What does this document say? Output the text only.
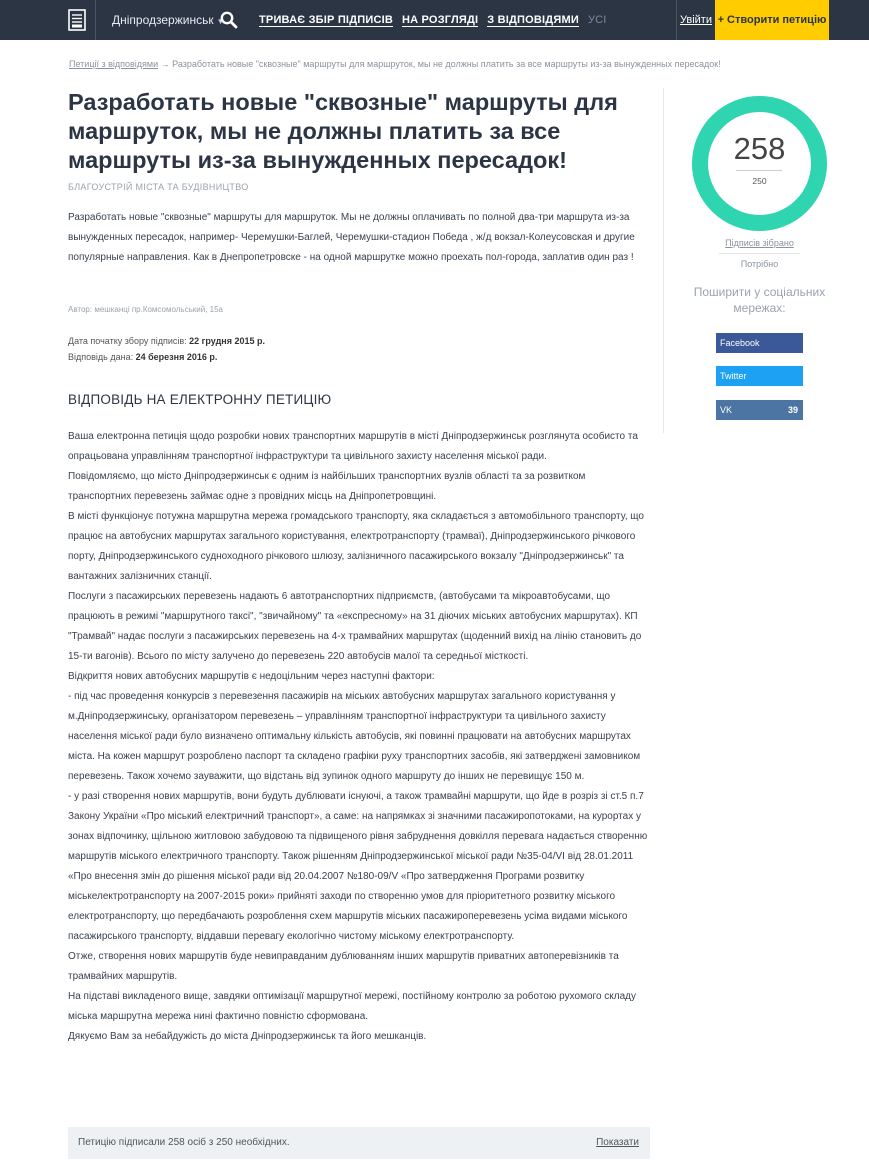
Дніпродзержинськ ▼	ТРИВАЄ ЗБІР ПІДПИСІВ НА РОЗГЛЯДІ З ВІДПОВІДЯМИ УСІ	Увійти + Створити петицію
Петиції з відповідями → Разработать новые "сквозные" маршруты для маршруток, мы не должны платить за все маршруты из-за вынужденных пересадок!
Разработать новые "сквозные" маршруты для маршруток, мы не должны платить за все маршруты из-за вынужденных пересадок!
БЛАГОУСТРІЙ МІСТА ТА БУДІВНИЦТВО
Разработать новые "сквозные" маршруты для маршруток. Мы не должны оплачивать по полной два-три маршрута из-за вынужденных пересадок, например- Черемушки-Баглей, Черемушки-стадион Победа , ж/д вокзал-Колеусовская и другие популярные направления. Как в Днепропетровске - на одной маршрутке можно проехать пол-города, заплатив один раз !
Автор: мешканці пр.Комсомольський, 15а
Дата початку збору підписів: 22 грудня 2015 р.
Відповідь дана: 24 березня 2016 р.
ВІДПОВІДЬ НА ЕЛЕКТРОННУ ПЕТИЦІЮ

Ваша електронна петиція щодо розробки нових транспортних маршрутів в місті Дніпродзержинськ розглянута особисто та опрацьована управлінням транспортної інфраструктури та цивільного захисту населення міської ради.

Повідомляємо, що місто Дніпродзержинськ є одним із найбільших транспортних вузлів області та за розвитком транспортних перевезень займає одне з провідних місць на Дніпропетровщині.

В місті функціонує потужна маршрутна мережа громадського транспорту, яка складається з автомобільного транспорту, що працює на автобусних маршрутах загального користування, електротранспорту (трамваї), Дніпродзержинського річкового порту, Дніпродзержинського судноходного річкового шлюзу, залізничного пасажирського вокзалу "Дніпродзержинськ" та вантажних залізничних станції.

Послуги з пасажирських перевезень надають 6 автотранспортних підприємств, (автобусами та мікроавтобусами, що працюють в режимі "маршрутного таксі", "звичайному" та «експресному» на 31 діючих міських автобусних маршрутах). КП "Трамвай" надає послуги з пасажирських перевезень на 4-х трамвайних маршрутах (щоденний вихід на лінію становить до 15-ти вагонів). Всього по місту залучено до перевезень 220 автобусів малої та середньої місткості.

Відкриття нових автобусних маршрутів є недоцільним через наступні фактори:

- під час проведення конкурсів з перевезення пасажирів на міських автобусних маршрутах загального користування у м.Дніпродзержинську, організатором перевезень – управлінням транспортної інфраструктури та цивільного захисту населення міської ради було визначено оптимальну кількість автобусів, які повинні працювати на автобусних маршрутах міста. На кожен маршрут розроблено паспорт та складено графіки руху транспортних засобів, які затверджені замовником перевезень. Також хочемо зауважити, що відстань від зупинок одного маршруту до інших не перевищує 150 м.

- у разі створення нових маршрутів, вони будуть дублювати існуючі, а також трамвайні маршрути, що йде в розріз зі ст.5 п.7 Закону України «Про міський електричний транспорт», а саме: на напрямках зі значними пасажиропотоками, на курортах у зонах відпочинку, щільною житловою забудовою та підвищеного рівня забруднення довкілля перевага надається створенню маршрутів міського електричного транспорту. Також рішенням Дніпродзержинської міської ради №35-04/VI від 28.01.2011 «Про внесення змін до рішення міської ради від 20.04.2007 №180-09/V «Про затвердження Програми розвитку міськелектротранспорту на 2007-2015 роки» прийняті заходи по створенню умов для пріоритетного розвитку міського електротранспорту, що передбачають розроблення схем маршрутів міських пасажироперевезень усіма видами міського пасажирського транспорту, віддавши перевагу екологічно чистому міському електротранспорту.

Отже, створення нових маршрутів буде невиправданим дублюванням інших маршрутів приватних автоперевізників та трамвайних маршрутів.

На підставі викладеного вище, завдяки оптимізації маршрутної мережі, постійному контролю за роботою рухомого складу міська маршрутна мережа нині фактично повністю сформована.

Дякуємо Вам за небайдужість до міста Дніпродзержинськ та його мешканців.

Петицію підписали 258 осіб з 250 необхідних.	Показати
258
250
Підписів зібрано
Потрібно
Поширити у соціальних мережах:
Facebook
Twitter
VK	39
